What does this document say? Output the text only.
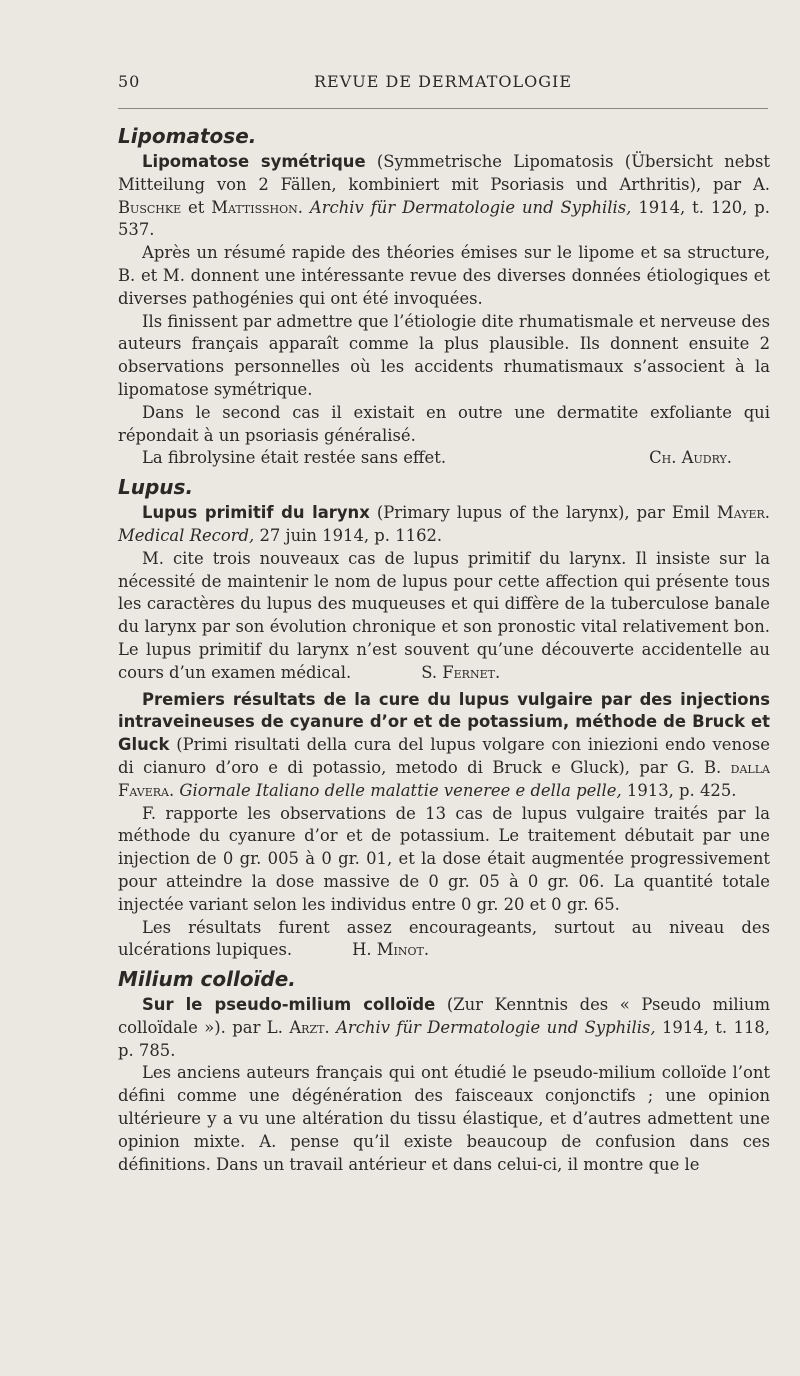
50	REVUE DE DERMATOLOGIE
Lipomatose.

Lipomatose symétrique (Symmetrische Lipomatosis (Übersicht nebst Mitteilung von 2 Fällen, kombiniert mit Psoriasis und Arthritis), par A. Buschke et Mattisshon. Archiv für Dermatologie und Syphilis, 1914, t. 120, p. 537.

Après un résumé rapide des théories émises sur le lipome et sa structure, B. et M. donnent une intéressante revue des diverses données étiologiques et diverses pathogénies qui ont été invoquées.

Ils finissent par admettre que l’étiologie dite rhumatismale et nerveuse des auteurs français apparaît comme la plus plausible. Ils donnent ensuite 2 observations personnelles où les accidents rhumatismaux s’associent à la lipomatose symétrique.

Dans le second cas il existait en outre une dermatite exfoliante qui répondait à un psoriasis généralisé.

La fibrolysine était restée sans effet.	Ch. Audry.
Lupus.

Lupus primitif du larynx (Primary lupus of the larynx), par Emil Mayer. Medical Record, 27 juin 1914, p. 1162.

M. cite trois nouveaux cas de lupus primitif du larynx. Il insiste sur la nécessité de maintenir le nom de lupus pour cette affection qui présente tous les caractères du lupus des muqueuses et qui diffère de la tuberculose banale du larynx par son évolution chronique et son pronostic vital relativement bon. Le lupus primitif du larynx n’est souvent qu’une découverte accidentelle au cours d’un examen médical.	S. Fernet.

Premiers résultats de la cure du lupus vulgaire par des injections intraveineuses de cyanure d’or et de potassium, méthode de Bruck et Gluck (Primi risultati della cura del lupus volgare con iniezioni endo venose di cianuro d’oro e di potassio, metodo di Bruck e Gluck), par G. B. dalla Favera. Giornale Italiano delle malattie veneree e della pelle, 1913, p. 425.

F. rapporte les observations de 13 cas de lupus vulgaire traités par la méthode du cyanure d’or et de potassium. Le traitement débutait par une injection de 0 gr. 005 à 0 gr. 01, et la dose était augmentée progressivement pour atteindre la dose massive de 0 gr. 05 à 0 gr. 06. La quantité totale injectée variant selon les individus entre 0 gr. 20 et 0 gr. 65.

Les résultats furent assez encourageants, surtout au niveau des ulcérations lupiques.	H. Minot.

Milium colloïde.

Sur le pseudo-milium colloïde (Zur Kenntnis des « Pseudo milium colloïdale »). par L. Arzt. Archiv für Dermatologie und Syphilis, 1914, t. 118, p. 785.

Les anciens auteurs français qui ont étudié le pseudo-milium colloïde l’ont défini comme une dégénération des faisceaux conjonctifs ; une opinion ultérieure y a vu une altération du tissu élastique, et d’autres admettent une opinion mixte. A. pense qu’il existe beaucoup de confusion dans ces définitions. Dans un travail antérieur et dans celui-ci, il montre que le
